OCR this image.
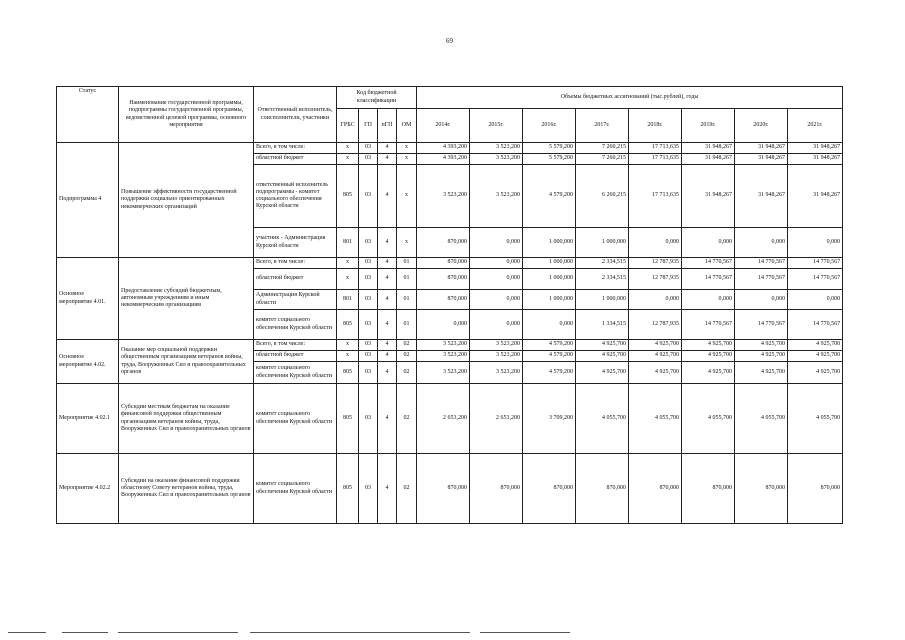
69
Статус	Наименование государственной программы, подпрограммы государственной программы, ведомственной целевой программы, основного мероприятия	Ответственный исполнитель, соисполнители, участники	Код бюджетной классификации				Объемы бюджетных ассигнований (тыс.рублей), годы							
			ГРБС	ГП	пГП	ОМ	2014г.	2015г.	2016г.	2017г.	2018г.	2019г.	2020г.	2021г.
Подпрограмма 4	Повышение эффективности государственной поддержки социально ориентированных некоммерческих организаций	Всего, в том числе:	x	03	4	x	4 393,200	3 523,200	5 579,200	7 260,215	17 713,635	31 948,267	31 948,267	31 948,267
		областной бюджет	x	03	4	x	4 393,200	3 523,200	5 579,200	7 260,215	17 713,635	31 948,267	31 948,267	31 948,267
		ответственный исполнитель подпрограммы - комитет социального обеспечения Курской области	805	03	4	x	3 523,200	3 523,200	4 579,200	6 260,215	17 713,635	31 948,267	31 948,267	31 948,267
		участник - Администрация Курской области	801	03	4	x	870,000	0,000	1 000,000	1 000,000	0,000	0,000	0,000	0,000
Основное мероприятие 4.01.	Предоставление субсидий бюджетным, автономным учреждениям и иным некоммерческим организациям	Всего, в том числе:	x	03	4	01	870,000	0,000	1 000,000	2 334,515	12 787,935	14 770,567	14 770,567	14 770,567
		областной бюджет	x	03	4	01	870,000	0,000	1 000,000	2 334,515	12 787,935	14 770,567	14 770,567	14 770,567
		Администрация Курской области	801	03	4	01	870,000	0,000	1 000,000	1 000,000	0,000	0,000	0,000	0,000
		комитет социального обеспечения Курской области	805	03	4	01	0,000	0,000	0,000	1 334,515	12 787,935	14 770,567	14 770,567	14 770,567
Основное мероприятие 4.02.	Оказание мер социальной поддержки общественным организациям ветеранов войны, труда, Вооруженных Сил и правоохранительных органов	Всего, в том числе:	x	03	4	02	3 523,200	3 523,200	4 579,200	4 925,700	4 925,700	4 925,700	4 925,700	4 925,700
		областной бюджет	x	03	4	02	3 523,200	3 523,200	4 579,200	4 925,700	4 925,700	4 925,700	4 925,700	4 925,700
		комитет социального обеспечения Курской области	805	03	4	02	3 523,200	3 523,200	4 579,200	4 925,700	4 925,700	4 925,700	4 925,700	4 925,700
Мероприятие 4.02.1	Субсидии местным бюджетам на оказание финансовой поддержки общественным организациям ветеранов войны, труда, Вооруженных Сил и правоохранительных органов	комитет социального обеспечения Курской области	805	03	4	02	2 653,200	2 653,200	3 709,200	4 055,700	4 055,700	4 055,700	4 055,700	4 055,700
Мероприятие 4.02.2	Субсидии на оказание финансовой поддержки областному Совету ветеранов войны, труда, Вооруженных Сил и правоохранительных органов	комитет социального обеспечения Курской области	805	03	4	02	870,000	870,000	870,000	870,000	870,000	870,000	870,000	870,000
